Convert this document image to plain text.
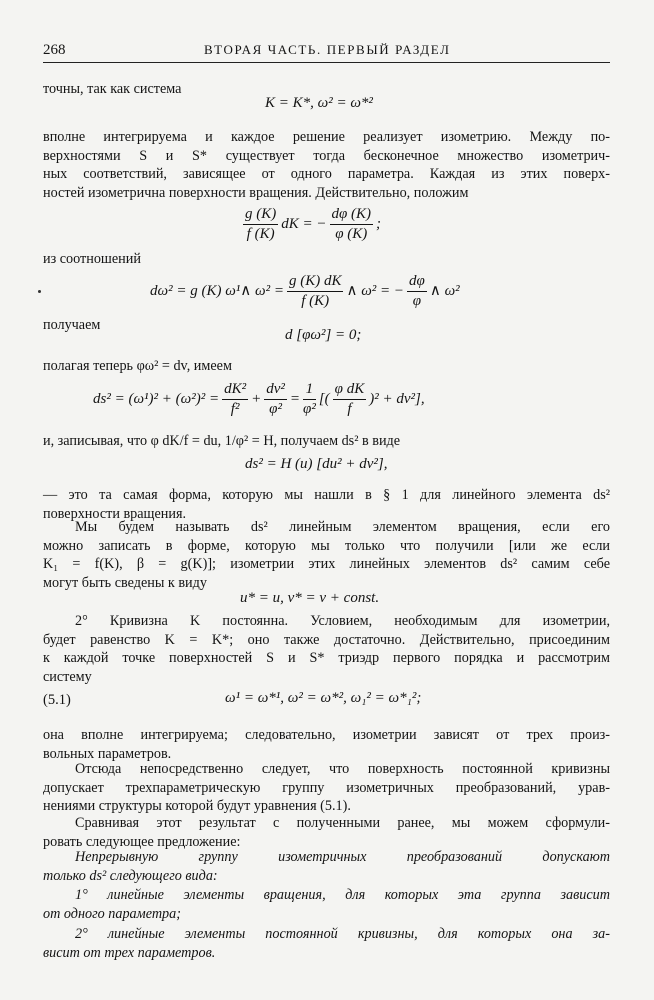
268	ВТОРАЯ ЧАСТЬ. ПЕРВЫЙ РАЗДЕЛ
точны, так как система
K = K*, ω² = ω*²
вполне интегрируема и каждое решение реализует изометрию. Между по-
верхностями S и S* существует тогда бесконечное множество изометрич-
ных соответствий, зависящее от одного параметра. Каждая из этих поверх-
ностей изометрична поверхности вращения. Действительно, положим
$\frac{g (K)}{f (K)}$ dK = − $\frac{d\varphi (K)}{\varphi (K)}$ ;
из соотношений
dω² = g (K) ω¹∧ $\omega^2 = \frac{g (K) dK}{f (K)}$ ∧ ω² = − $\frac{d\varphi}{\varphi}$ ∧ ω²
получаем
d [φω²] = 0;
полагая теперь φω² = dv, имеем
$ds^2 = (\omega^1)^2 + (\omega^2)^2 = \frac{\text{dK²}}{\text{f²}} + \frac{\text{dv²}}{\text{φ²}} = \frac{1}{\text{φ²}}$ [( $\frac{\text{φ dK}}{f} )^2 + dv^2$],
и, записывая, что φ dK/f = du, 1/φ² = H, получаем ds² в виде
ds² = H (u) [du² + dv²],
— это та самая форма, которую мы нашли в § 1 для линейного элемента ds²
поверхности вращения.
Мы будем называть ds² линейным элементом вращения, если его
можно записать в форме, которую мы только что получили [или же если
K₁ = f(K), β = g(K)]; изометрии этих линейных элементов ds² самим себе
могут быть сведены к виду
u* = u, v* = v + const.
2° Кривизна K постоянна. Условием, необходимым для изометрии,
будет равенство K = K*; оно также достаточно. Действительно, присоединим
к каждой точке поверхностей S и S* триэдр первого порядка и рассмотрим
систему
(5.1)	ω¹ = ω*¹, ω² = ω*², ω₁² = ω*₁²;
она вполне интегрируема; следовательно, изометрии зависят от трех произ-
вольных параметров.
Отсюда непосредственно следует, что поверхность постоянной кривизны
допускает трехпараметрическую группу изометричных преобразований, урав-
нениями структуры которой будут уравнения (5.1).
Сравнивая этот результат с полученными ранее, мы можем сформули-
ровать следующее предложение:
Непрерывную группу изометричных преобразований допускают
только ds² следующего вида:
1° линейные элементы вращения, для которых эта группа зависит
от одного параметра;
2° линейные элементы постоянной кривизны, для которых она за-
висит от трех параметров.
